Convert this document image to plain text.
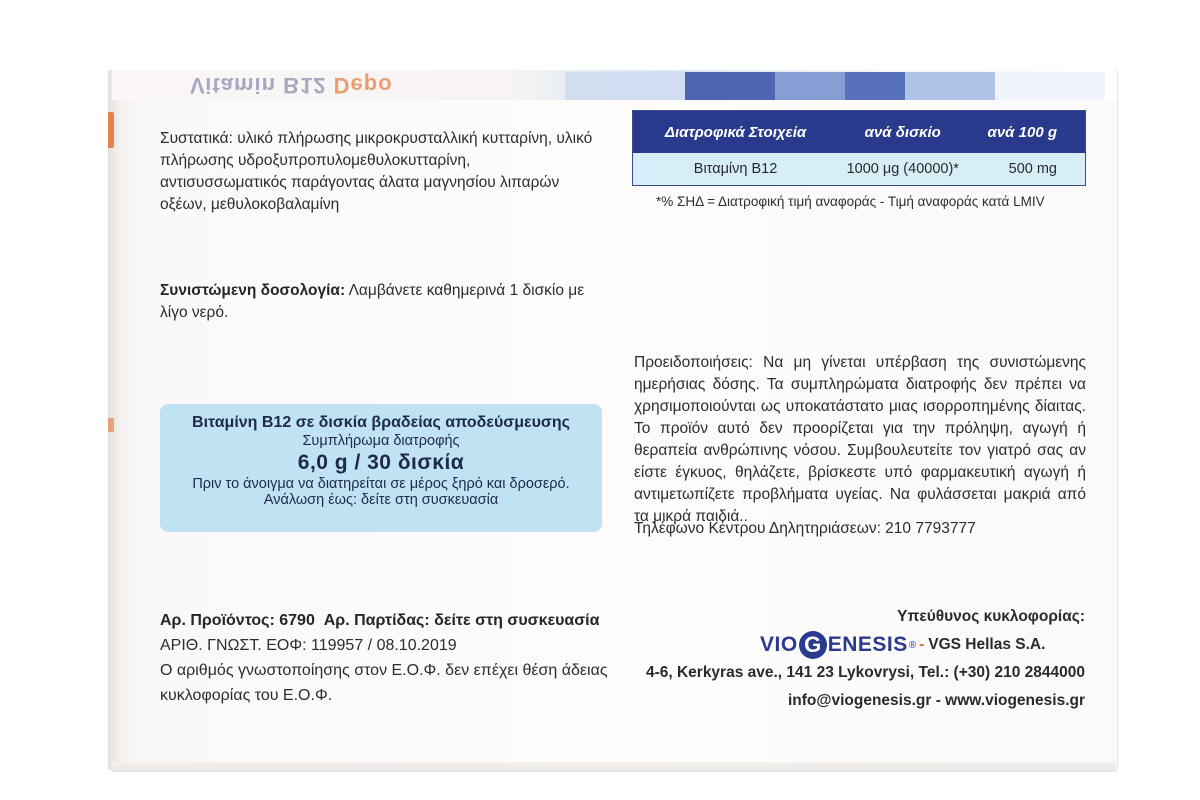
Vitamin B12 Depo
Συστατικά: υλικό πλήρωσης μικροκρυσταλλική κυτταρίνη, υλικό πλήρωσης υδροξυπροπυλομεθυλοκυτταρίνη, αντισυσσωματικός παράγοντας άλατα μαγνησίου λιπαρών οξέων, μεθυλοκοβαλαμίνη
Συνιστώμενη δοσολογία: Λαμβάνετε καθημερινά 1 δισκίο με λίγο νερό.
Διατροφικά Στοιχεία	ανά δισκίο	ανά 100 g
Βιταμίνη Β12	1000 μg (40000)*	500 mg
*% ΣΗΔ = Διατροφική τιμή αναφοράς - Τιμή αναφοράς κατά LMIV
Προειδοποιήσεις: Να μη γίνεται υπέρβαση της συνιστώμενης ημερήσιας δόσης. Τα συμπληρώματα διατροφής δεν πρέπει να χρησιμοποιούνται ως υποκατάστατο μιας ισορροπημένης δίαιτας. Το προϊόν αυτό δεν προορίζεται για την πρόληψη, αγωγή ή θεραπεία ανθρώπινης νόσου. Συμβουλευτείτε τον γιατρό σας αν είστε έγκυος, θηλάζετε, βρίσκεστε υπό φαρμακευτική αγωγή ή αντιμετωπίζετε προβλήματα υγείας. Να φυλάσσεται μακριά από τα μικρά παιδιά..
Τηλέφωνο Κέντρου Δηλητηριάσεων: 210 7793777
Βιταμίνη Β12 σε δισκία βραδείας αποδεύσμευσης
Συμπλήρωμα διατροφής
6,0 g / 30 δισκία
Πριν το άνοιγμα να διατηρείται σε μέρος ξηρό και δροσερό.
Ανάλωση έως: δείτε στη συσκευασία
Αρ. Προϊόντος: 6790 Αρ. Παρτίδας: δείτε στη συσκευασία
ΑΡΙΘ. ΓΝΩΣΤ. ΕΟΦ: 119957 / 08.10.2019
Ο αριθμός γνωστοποίησης στον Ε.Ο.Φ. δεν επέχει θέση άδειας κυκλοφορίας του Ε.Ο.Φ.
Υπεύθυνος κυκλοφορίας:
VIO G ENESIS ® - VGS Hellas S.A.
4-6, Kerkyras ave., 141 23 Lykovrysi, Tel.: (+30) 210 2844000
info@viogenesis.gr - www.viogenesis.gr
